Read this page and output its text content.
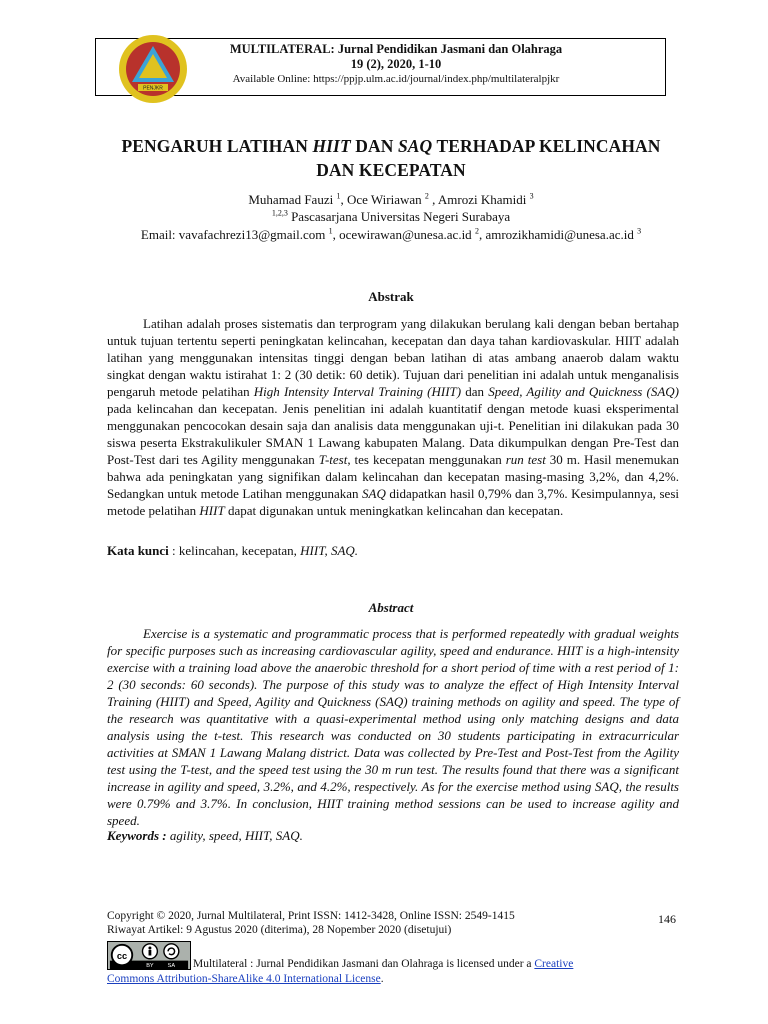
PENJKR
MULTILATERAL: Jurnal Pendidikan Jasmani dan Olahraga
19 (2), 2020, 1-10
Available Online: https://ppjp.ulm.ac.id/journal/index.php/multilateralpjkr
PENGARUH LATIHAN HIIT DAN SAQ TERHADAP KELINCAHAN
DAN KECEPATAN
Muhamad Fauzi $^1$, Oce Wiriawan $^2$ , Amrozi Khamidi $^3$
$^{1,2,3}$ Pascasarjana Universitas Negeri Surabaya
Email: vavafachrezi13@gmail.com $^1$, ocewirawan@unesa.ac.id $^2$, amrozikhamidi@unesa.ac.id $^3$
Abstrak
Latihan adalah proses sistematis dan terprogram yang dilakukan berulang kali dengan beban bertahap untuk tujuan tertentu seperti peningkatan kelincahan, kecepatan dan daya tahan kardiovaskular. HIIT adalah latihan yang menggunakan intensitas tinggi dengan beban latihan di atas ambang anaerob dalam waktu singkat dengan waktu istirahat 1: 2 (30 detik: 60 detik). Tujuan dari penelitian ini adalah untuk menganalisis pengaruh metode pelatihan High Intensity Interval Training (HIIT) dan Speed, Agility and Quickness (SAQ) pada kelincahan dan kecepatan. Jenis penelitian ini adalah kuantitatif dengan metode kuasi eksperimental menggunakan pencocokan desain saja dan analisis data menggunakan uji-t. Penelitian ini dilakukan pada 30 siswa peserta Ekstrakulikuler SMAN 1 Lawang kabupaten Malang. Data dikumpulkan dengan Pre-Test dan Post-Test dari tes Agility menggunakan T-test, tes kecepatan menggunakan run test 30 m. Hasil menemukan bahwa ada peningkatan yang signifikan dalam kelincahan dan kecepatan masing-masing 3,2%, dan 4,2%. Sedangkan untuk metode Latihan menggunakan SAQ didapatkan hasil 0,79% dan 3,7%. Kesimpulannya, sesi metode pelatihan HIIT dapat digunakan untuk meningkatkan kelincahan dan kecepatan.
Kata kunci : kelincahan, kecepatan, HIIT, SAQ.
Abstract
Exercise is a systematic and programmatic process that is performed repeatedly with gradual weights for specific purposes such as increasing cardiovascular agility, speed and endurance. HIIT is a high-intensity exercise with a training load above the anaerobic threshold for a short period of time with a rest period of 1: 2 (30 seconds: 60 seconds). The purpose of this study was to analyze the effect of High Intensity Interval Training (HIIT) and Speed, Agility and Quickness (SAQ) training methods on agility and speed. The type of the research was quantitative with a quasi-experimental method using only matching designs and data analysis using the t-test. This research was conducted on 30 students participating in extracurricular activities at SMAN 1 Lawang Malang district. Data was collected by Pre-Test and Post-Test from the Agility test using the T-test, and the speed test using the 30 m run test. The results found that there was a significant increase in agility and speed, 3.2%, and 4.2%, respectively. As for the exercise method using SAQ, the results were 0.79% and 3.7%. In conclusion, HIIT training method sessions can be used to increase agility and speed.
Keywords : agility, speed, HIIT, SAQ.
Copyright © 2020, Jurnal Multilateral, Print ISSN: 1412-3428, Online ISSN: 2549-1415
Riwayat Artikel: 9 Agustus 2020 (diterima), 28 Nopember 2020 (disetujui)
146
cc
BY SA Multilateral : Jurnal Pendidikan Jasmani dan Olahraga is licensed under a Creative
Commons Attribution-ShareAlike 4.0 International License.
